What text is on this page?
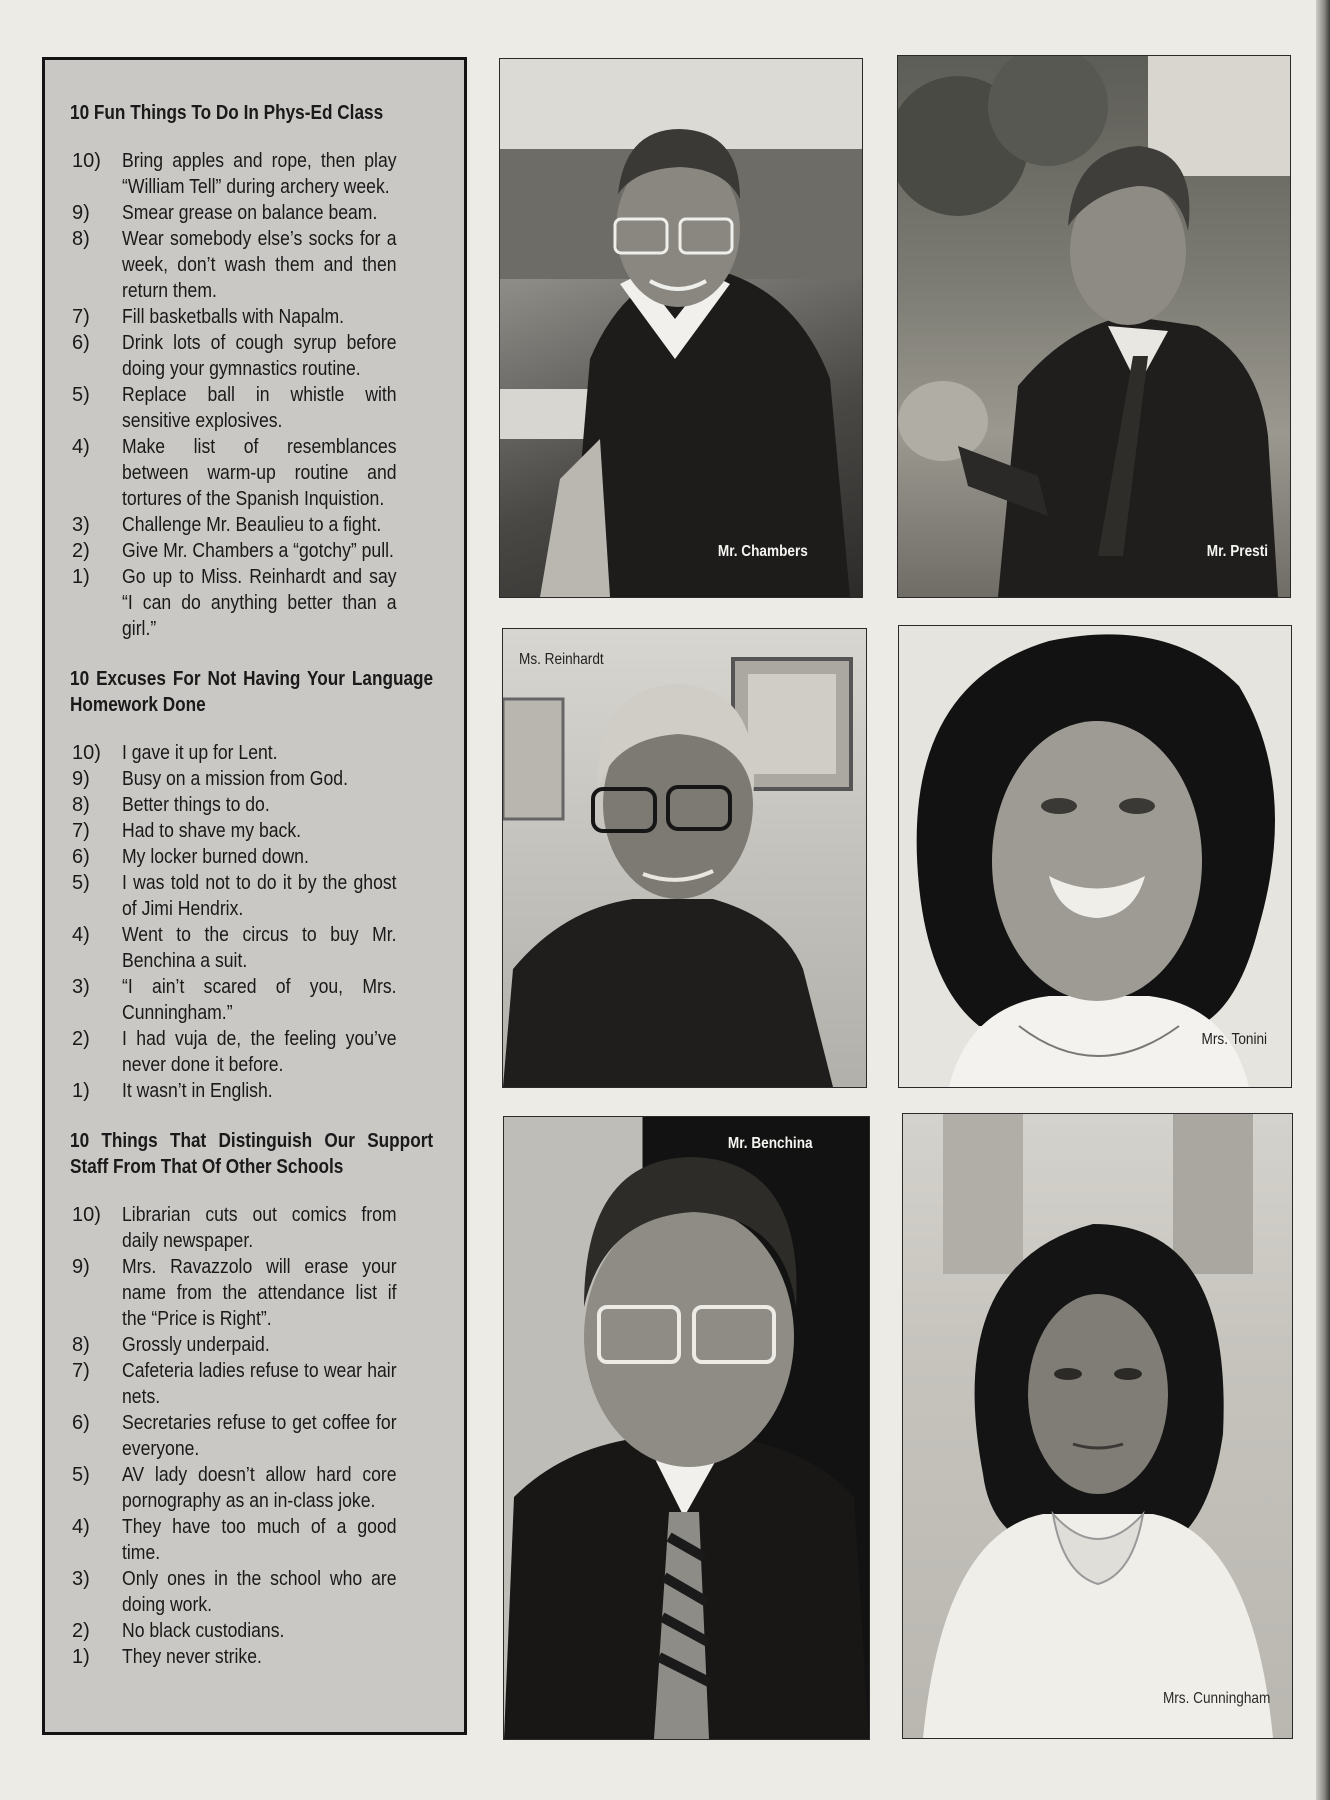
10 Fun Things To Do In Phys-Ed Class
10)	Bring apples and rope, then play “William Tell” during archery week.
9)	Smear grease on balance beam.
8)	Wear somebody else’s socks for a week, don’t wash them and then return them.
7)	Fill basketballs with Napalm.
6)	Drink lots of cough syrup before doing your gymnastics routine.
5)	Replace ball in whistle with sensitive explosives.
4)	Make list of resemblances between warm-up routine and tortures of the Spanish Inquistion.
3)	Challenge Mr. Beaulieu to a fight.
2)	Give Mr. Chambers a “gotchy” pull.
1)	Go up to Miss. Reinhardt and say “I can do anything better than a girl.”
10 Excuses For Not Having Your Language Homework Done
10)	I gave it up for Lent.
9)	Busy on a mission from God.
8)	Better things to do.
7)	Had to shave my back.
6)	My locker burned down.
5)	I was told not to do it by the ghost of Jimi Hendrix.
4)	Went to the circus to buy Mr. Benchina a suit.
3)	“I ain’t scared of you, Mrs. Cunningham.”
2)	I had vuja de, the feeling you’ve never done it before.
1)	It wasn’t in English.
10 Things That Distinguish Our Support Staff From That Of Other Schools
10)	Librarian cuts out comics from daily newspaper.
9)	Mrs. Ravazzolo will erase your name from the attendance list if the “Price is Right”.
8)	Grossly underpaid.
7)	Cafeteria ladies refuse to wear hair nets.
6)	Secretaries refuse to get coffee for everyone.
5)	AV lady doesn’t allow hard core pornography as an in-class joke.
4)	They have too much of a good time.
3)	Only ones in the school who are doing work.
2)	No black custodians.
1)	They never strike.
Mr. Chambers	Mr. Presti
Ms. Reinhardt
Mrs. Tonini
Mr. Benchina
Mrs. Cunningham
